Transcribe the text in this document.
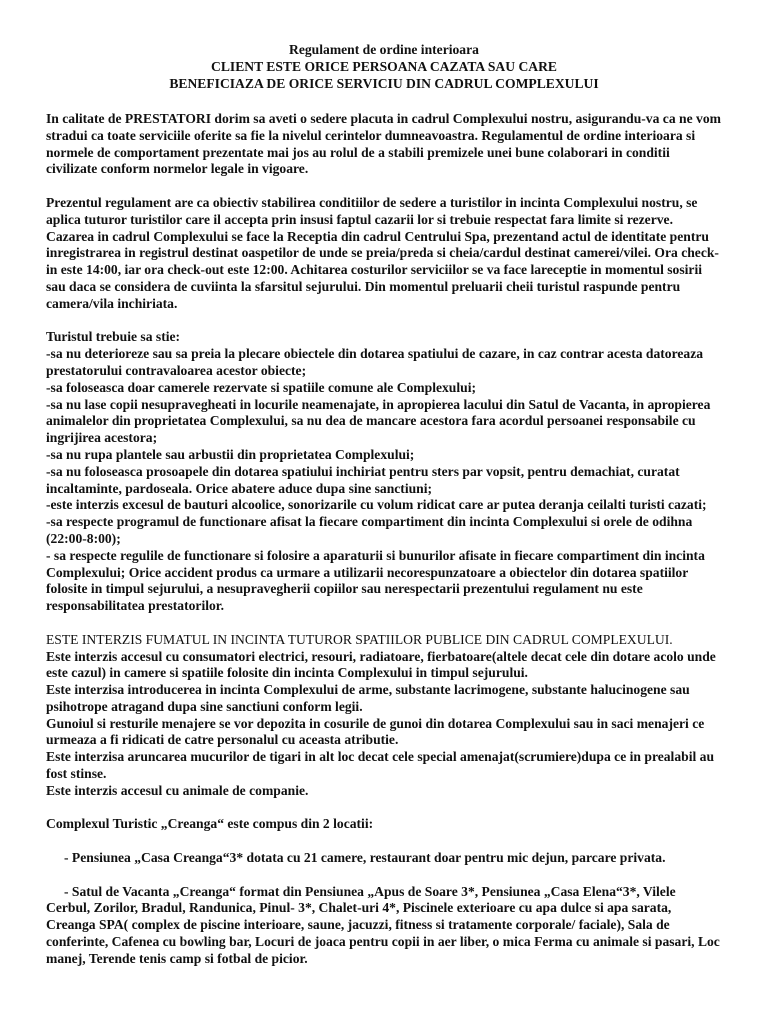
Regulament de ordine interioara
CLIENT ESTE ORICE PERSOANA CAZATA SAU CARE
BENEFICIAZA DE ORICE SERVICIU DIN CADRUL COMPLEXULUI

In calitate de PRESTATORI dorim sa aveti o sedere placuta in cadrul Complexului nostru, asigurandu-va ca ne vom stradui ca toate serviciile oferite sa fie la nivelul cerintelor dumneavoastra. Regulamentul de ordine interioara si normele de comportament prezentate mai jos au rolul de a stabili premizele unei bune colaborari in conditii civilizate conform normelor legale in vigoare.

Prezentul regulament are ca obiectiv stabilirea conditiilor de sedere a turistilor in incinta Complexului nostru, se aplica tuturor turistilor care il accepta prin insusi faptul cazarii lor si trebuie respectat fara limite si rezerve. Cazarea in cadrul Complexului se face la Receptia din cadrul Centrului Spa, prezentand actul de identitate pentru inregistrarea in registrul destinat oaspetilor de unde se preia/preda si cheia/cardul destinat camerei/vilei. Ora check-in este 14:00, iar ora check-out este 12:00. Achitarea costurilor serviciilor se va face lareceptie in momentul sosirii sau daca se considera de cuviinta la sfarsitul sejurului. Din momentul preluarii cheii turistul raspunde pentru camera/vila inchiriata.

Turistul trebuie sa stie:

-sa nu deterioreze sau sa preia la plecare obiectele din dotarea spatiului de cazare, in caz contrar acesta datoreaza prestatorului contravaloarea acestor obiecte;

-sa foloseasca doar camerele rezervate si spatiile comune ale Complexului;

-sa nu lase copii nesupravegheati in locurile neamenajate, in apropierea lacului din Satul de Vacanta, in apropierea animalelor din proprietatea Complexului, sa nu dea de mancare acestora fara acordul persoanei responsabile cu ingrijirea acestora;

-sa nu rupa plantele sau arbustii din proprietatea Complexului;

-sa nu foloseasca prosoapele din dotarea spatiului inchiriat pentru sters par vopsit, pentru demachiat, curatat incaltaminte, pardoseala. Orice abatere aduce dupa sine sanctiuni;

-este interzis excesul de bauturi alcoolice, sonorizarile cu volum ridicat care ar putea deranja ceilalti turisti cazati;

-sa respecte programul de functionare afisat la fiecare compartiment din incinta Complexului si orele de odihna (22:00-8:00);

- sa respecte regulile de functionare si folosire a aparaturii si bunurilor afisate in fiecare compartiment din incinta Complexului; Orice accident produs ca urmare a utilizarii necorespunzatoare a obiectelor din dotarea spatiilor folosite in timpul sejurului, a nesupravegherii copiilor sau nerespectarii prezentului regulament nu este responsabilitatea prestatorilor.

ESTE INTERZIS FUMATUL IN INCINTA TUTUROR SPATIILOR PUBLICE DIN CADRUL COMPLEXULUI.

Este interzis accesul cu consumatori electrici, resouri, radiatoare, fierbatoare(altele decat cele din dotare acolo unde este cazul) in camere si spatiile folosite din incinta Complexului in timpul sejurului.

Este interzisa introducerea in incinta Complexului de arme, substante lacrimogene, substante halucinogene sau psihotrope atragand dupa sine sanctiuni conform legii.

Gunoiul si resturile menajere se vor depozita in cosurile de gunoi din dotarea Complexului sau in saci menajeri ce urmeaza a fi ridicati de catre personalul cu aceasta atributie.

Este interzisa aruncarea mucurilor de tigari in alt loc decat cele special amenajat(scrumiere)dupa ce in prealabil au fost stinse.

Este interzis accesul cu animale de companie.

Complexul Turistic „Creanga“ este compus din 2 locatii:

- Pensiunea „Casa Creanga“3* dotata cu 21 camere, restaurant doar pentru mic dejun, parcare privata.

- Satul de Vacanta „Creanga“ format din Pensiunea „Apus de Soare 3*, Pensiunea „Casa Elena“3*, Vilele Cerbul, Zorilor, Bradul, Randunica, Pinul- 3*, Chalet-uri 4*, Piscinele exterioare cu apa dulce si apa sarata, Creanga SPA( complex de piscine interioare, saune, jacuzzi, fitness si tratamente corporale/ faciale), Sala de conferinte, Cafenea cu bowling bar, Locuri de joaca pentru copii in aer liber, o mica Ferma cu animale si pasari, Loc manej, Terende tenis camp si fotbal de picior.
